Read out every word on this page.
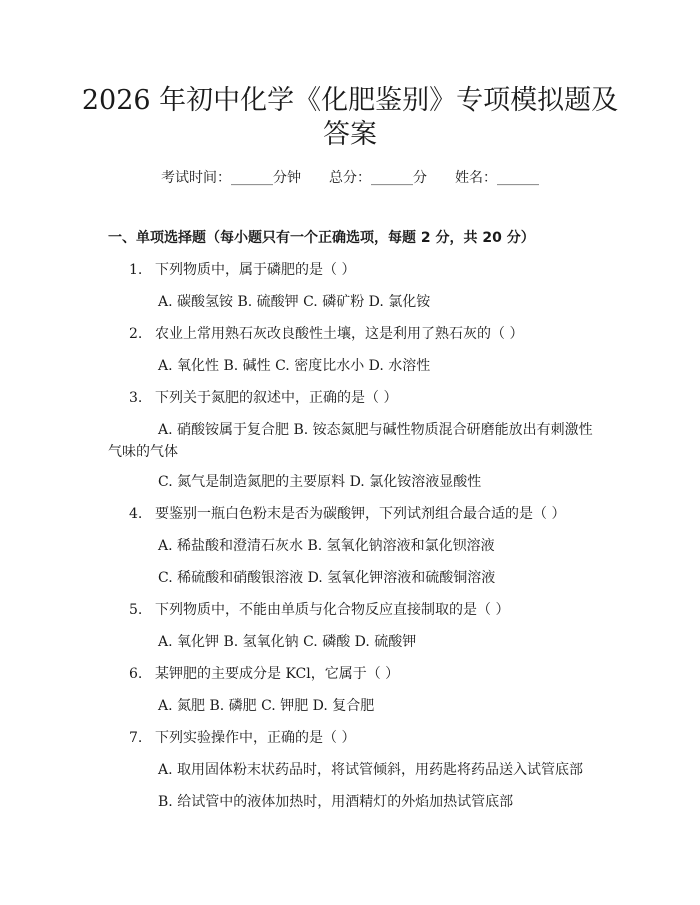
2026 年初中化学《化肥鉴别》专项模拟题及
答案
考试时间：______分钟 总分：______分 姓名：______
一、单项选择题（每小题只有一个正确选项，每题 2 分，共 20 分）
1. 下列物质中，属于磷肥的是（ ）
A. 碳酸氢铵 B. 硫酸钾 C. 磷矿粉 D. 氯化铵
2. 农业上常用熟石灰改良酸性土壤，这是利用了熟石灰的（ ）
A. 氧化性 B. 碱性 C. 密度比水小 D. 水溶性
3. 下列关于氮肥的叙述中，正确的是（ ）
A. 硝酸铵属于复合肥 B. 铵态氮肥与碱性物质混合研磨能放出有刺激性
气味的气体
C. 氮气是制造氮肥的主要原料 D. 氯化铵溶液显酸性
4. 要鉴别一瓶白色粉末是否为碳酸钾，下列试剂组合最合适的是（ ）
A. 稀盐酸和澄清石灰水 B. 氢氧化钠溶液和氯化钡溶液
C. 稀硫酸和硝酸银溶液 D. 氢氧化钾溶液和硫酸铜溶液
5. 下列物质中，不能由单质与化合物反应直接制取的是（ ）
A. 氧化钾 B. 氢氧化钠 C. 磷酸 D. 硫酸钾
6. 某钾肥的主要成分是 KCl，它属于（ ）
A. 氮肥 B. 磷肥 C. 钾肥 D. 复合肥
7. 下列实验操作中，正确的是（ ）
A. 取用固体粉末状药品时，将试管倾斜，用药匙将药品送入试管底部
B. 给试管中的液体加热时，用酒精灯的外焰加热试管底部
